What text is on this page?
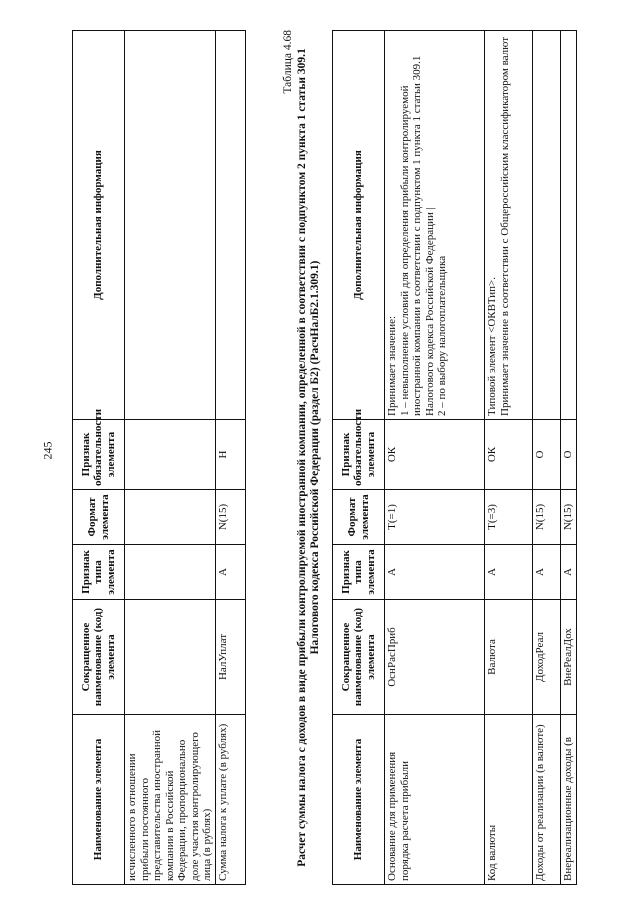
245
Наименование элемента	Сокращенное наименование (код) элемента	Признак типа элемента	Формат элемента	Признак обязательности элемента	Дополнительная информация
исчисленного в отношении прибыли постоянного представительства иностранной компании в Российской Федерации, пропорционально доле участия контролирующего лица (в рублях)					
Сумма налога к уплате (в рублях)	НалУплат	А	N(15)	Н	
Таблица 4.68 Расчет суммы налога с доходов в виде прибыли контролируемой иностранной компании, определенной в соответствии с подпунктом 2 пункта 1 статьи 309.1 Налогового кодекса Российской Федерации (раздел Б2) (РасчНалБ2.1.309.1)
Наименование элемента	Сокращенное наименование (код) элемента	Признак типа элемента	Формат элемента	Признак обязательности элемента	Дополнительная информация
Основание для применения порядка расчета прибыли	ОснРасПриб	А	T(=1)	ОК	Принимает значение:
1 – невыполнение условий для определения прибыли контролируемой иностранной компании в соответствии с подпунктом 1 пункта 1 статьи 309.1 Налогового кодекса Российской Федерации |
2 – по выбору налогоплательщика
Код валюты	Валюта	А	T(=3)	ОК	Типовой элемент <ОКВТип>.
Принимает значение в соответствии с Общероссийским классификатором валют
Доходы от реализации (в валюте)	ДоходРеал	А	N(15)	О	
Внереализационные доходы (в	ВнеРеалДох	А	N(15)	О	
